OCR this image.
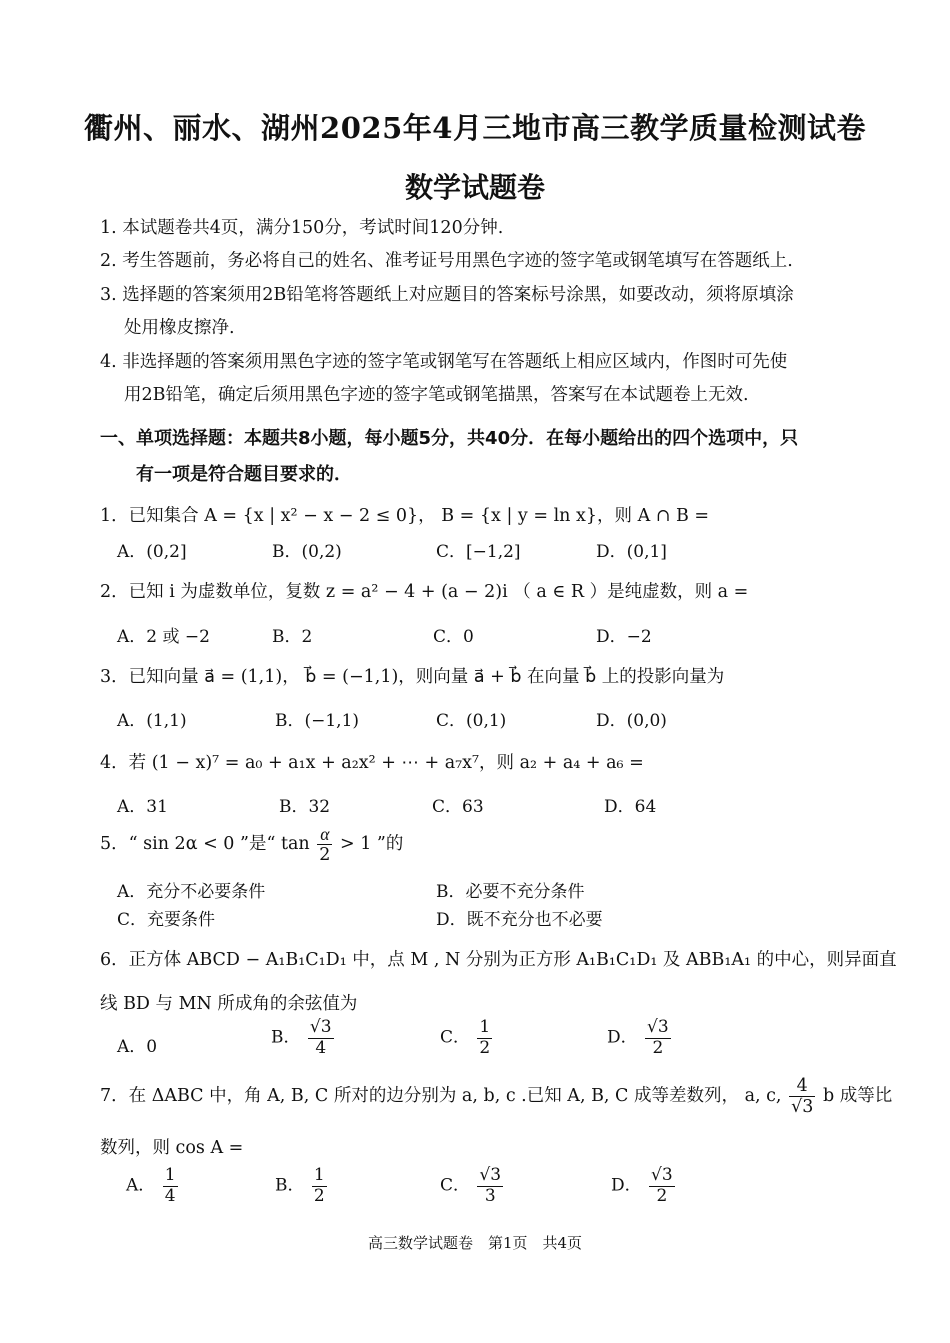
衢州、丽水、湖州2025年4月三地市高三教学质量检测试卷
数学试题卷
1. 本试题卷共4页，满分150分，考试时间120分钟.
2. 考生答题前，务必将自己的姓名、准考证号用黑色字迹的签字笔或钢笔填写在答题纸上.
3. 选择题的答案须用2B铅笔将答题纸上对应题目的答案标号涂黑，如要改动，须将原填涂
处用橡皮擦净.
4. 非选择题的答案须用黑色字迹的签字笔或钢笔写在答题纸上相应区域内，作图时可先使
用2B铅笔，确定后须用黑色字迹的签字笔或钢笔描黑，答案写在本试题卷上无效.
一、单项选择题：本题共8小题，每小题5分，共40分．在每小题给出的四个选项中，只
有一项是符合题目要求的．
1．已知集合 A = {x | x² − x − 2 ≤ 0}， B = {x | y = ln x}，则 A ∩ B =
A．(0,2]	B．(0,2)	C．[−1,2]	D．(0,1]
2．已知 i 为虚数单位，复数 z = a² − 4 + (a − 2)i （ a ∈ R ）是纯虚数，则 a =
A．2 或 −2	B．2	C．0	D．−2
3．已知向量 a⃗ = (1,1)， b⃗ = (−1,1)，则向量 a⃗ + b⃗ 在向量 b⃗ 上的投影向量为
A．(1,1)	B．(−1,1)	C．(0,1)	D．(0,0)
4．若 (1 − x)⁷ = a₀ + a₁x + a₂x² + ⋯ + a₇x⁷，则 a₂ + a₄ + a₆ =
A．31	B．32	C．63	D．64
5．“ sin 2α < 0 ”是“ $\tan \frac{\alpha}{2} > 1$ ”的
A．充分不必要条件	B．必要不充分条件
C．充要条件	D．既不充分也不必要
6．正方体 ABCD − A₁B₁C₁D₁ 中，点 M , N 分别为正方形 A₁B₁C₁D₁ 及 ABB₁A₁ 的中心，则异面直
线 BD 与 MN 所成角的余弦值为
A．0	B． $\frac{√3}{4}$	C． $\frac{1}{2}$	D． $\frac{√3}{2}$
7．在 ΔABC 中，角 A, B, C 所对的边分别为 a, b, c .已知 A, B, C 成等差数列， a, c, $\frac{4}{√3}$ b 成等比
数列，则 cos A =
A． $\frac{1}{4}$	B． $\frac{1}{2}$	C． $\frac{√3}{3}$	D． $\frac{√3}{2}$
高三数学试题卷　第1页　共4页
